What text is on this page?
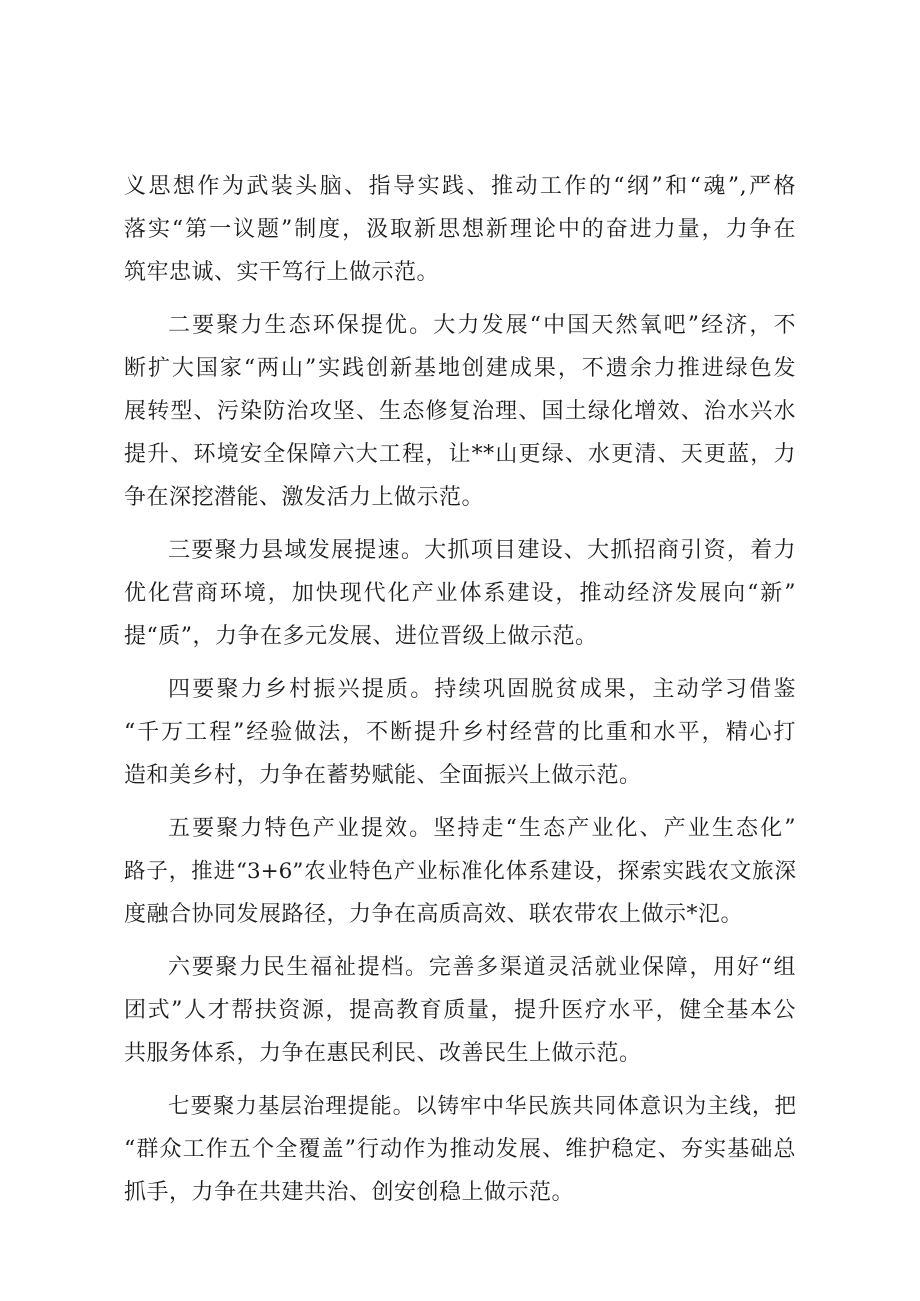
义思想作为武装头脑、指导实践、推动工作的“纲”和“魂”,严格
落实“第一议题”制度，汲取新思想新理论中的奋进力量，力争在
筑牢忠诚、实干笃行上做示范。
二要聚力生态环保提优。大力发展“中国天然氧吧”经济，不
断扩大国家“两山”实践创新基地创建成果，不遗余力推进绿色发
展转型、污染防治攻坚、生态修复治理、国土绿化增效、治水兴水
提升、环境安全保障六大工程，让**山更绿、水更清、天更蓝，力
争在深挖潜能、激发活力上做示范。
三要聚力县域发展提速。大抓项目建设、大抓招商引资，着力
优化营商环境，加快现代化产业体系建设，推动经济发展向“新”
提“质”，力争在多元发展、进位晋级上做示范。
四要聚力乡村振兴提质。持续巩固脱贫成果，主动学习借鉴
“千万工程”经验做法，不断提升乡村经营的比重和水平，精心打
造和美乡村，力争在蓄势赋能、全面振兴上做示范。
五要聚力特色产业提效。坚持走“生态产业化、产业生态化”
路子，推进“3+6”农业特色产业标准化体系建设，探索实践农文旅深
度融合协同发展路径，力争在高质高效、联农带农上做示*氾。
六要聚力民生福祉提档。完善多渠道灵活就业保障，用好“组
团式”人才帮扶资源，提高教育质量，提升医疗水平，健全基本公
共服务体系，力争在惠民利民、改善民生上做示范。
七要聚力基层治理提能。以铸牢中华民族共同体意识为主线，把
“群众工作五个全覆盖”行动作为推动发展、维护稳定、夯实基础总
抓手，力争在共建共治、创安创稳上做示范。
